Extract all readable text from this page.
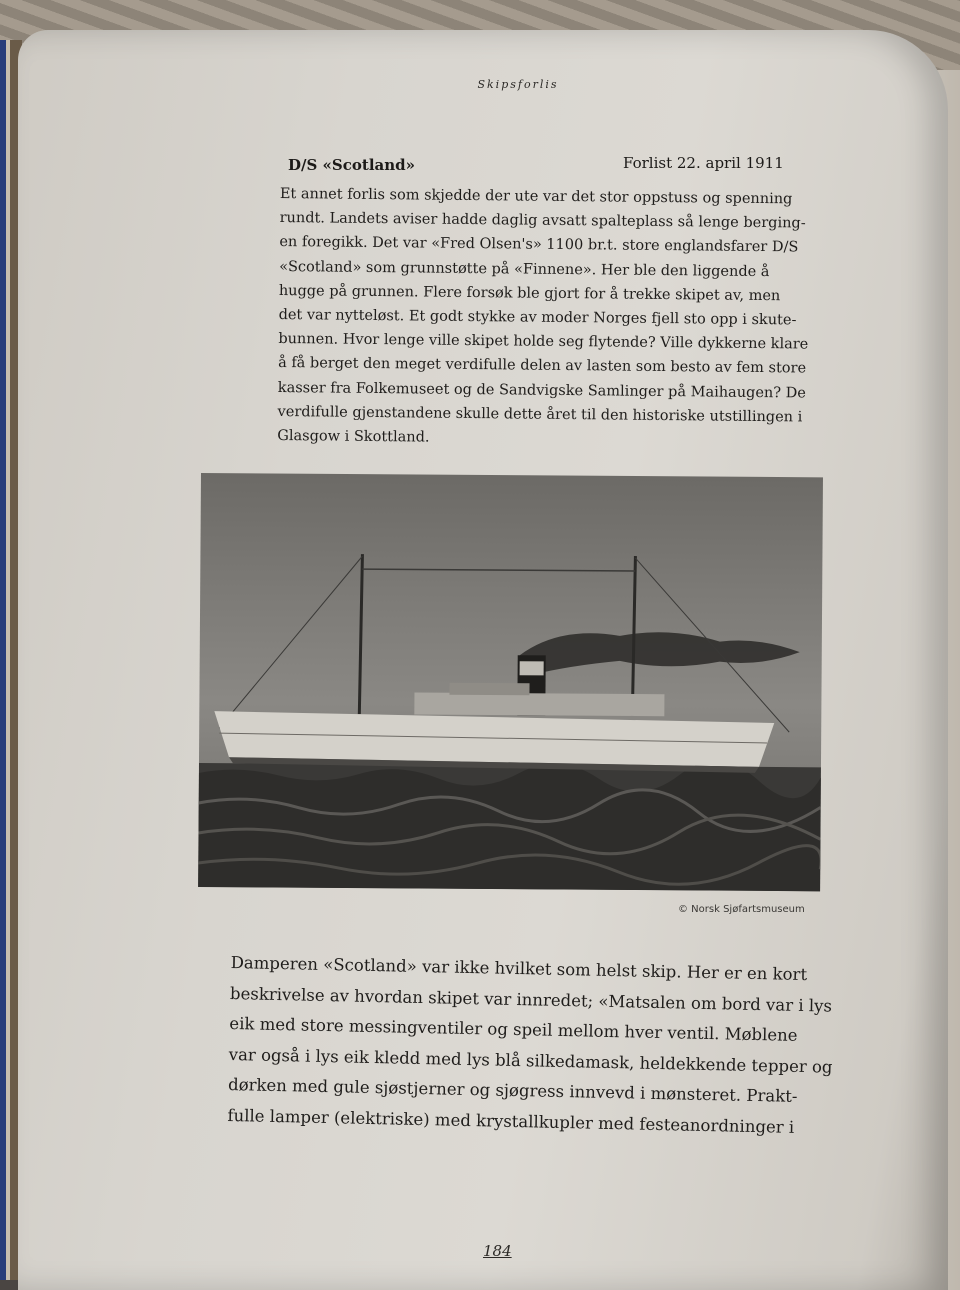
Skipsforlis
D/S «Scotland»	Forlist 22. april 1911
Et annet forlis som skjedde der ute var det stor oppstuss og spenning
rundt. Landets aviser hadde daglig avsatt spalteplass så lenge berging-
en foregikk. Det var «Fred Olsen's» 1100 br.t. store englandsfarer D/S
«Scotland» som grunnstøtte på «Finnene». Her ble den liggende å
hugge på grunnen. Flere forsøk ble gjort for å trekke skipet av, men
det var nytteløst. Et godt stykke av moder Norges fjell sto opp i skute-
bunnen. Hvor lenge ville skipet holde seg flytende? Ville dykkerne klare
å få berget den meget verdifulle delen av lasten som besto av fem store
kasser fra Folkemuseet og de Sandvigske Samlinger på Maihaugen? De
verdifulle gjenstandene skulle dette året til den historiske utstillingen i
Glasgow i Skottland.
© Norsk Sjøfartsmuseum
Damperen «Scotland» var ikke hvilket som helst skip. Her er en kort
beskrivelse av hvordan skipet var innredet; «Matsalen om bord var i lys
eik med store messingventiler og speil mellom hver ventil. Møblene
var også i lys eik kledd med lys blå silkedamask, heldekkende tepper og
dørken med gule sjøstjerner og sjøgress innvevd i mønsteret. Prakt-
fulle lamper (elektriske) med krystallkupler med festeanordninger i
184
